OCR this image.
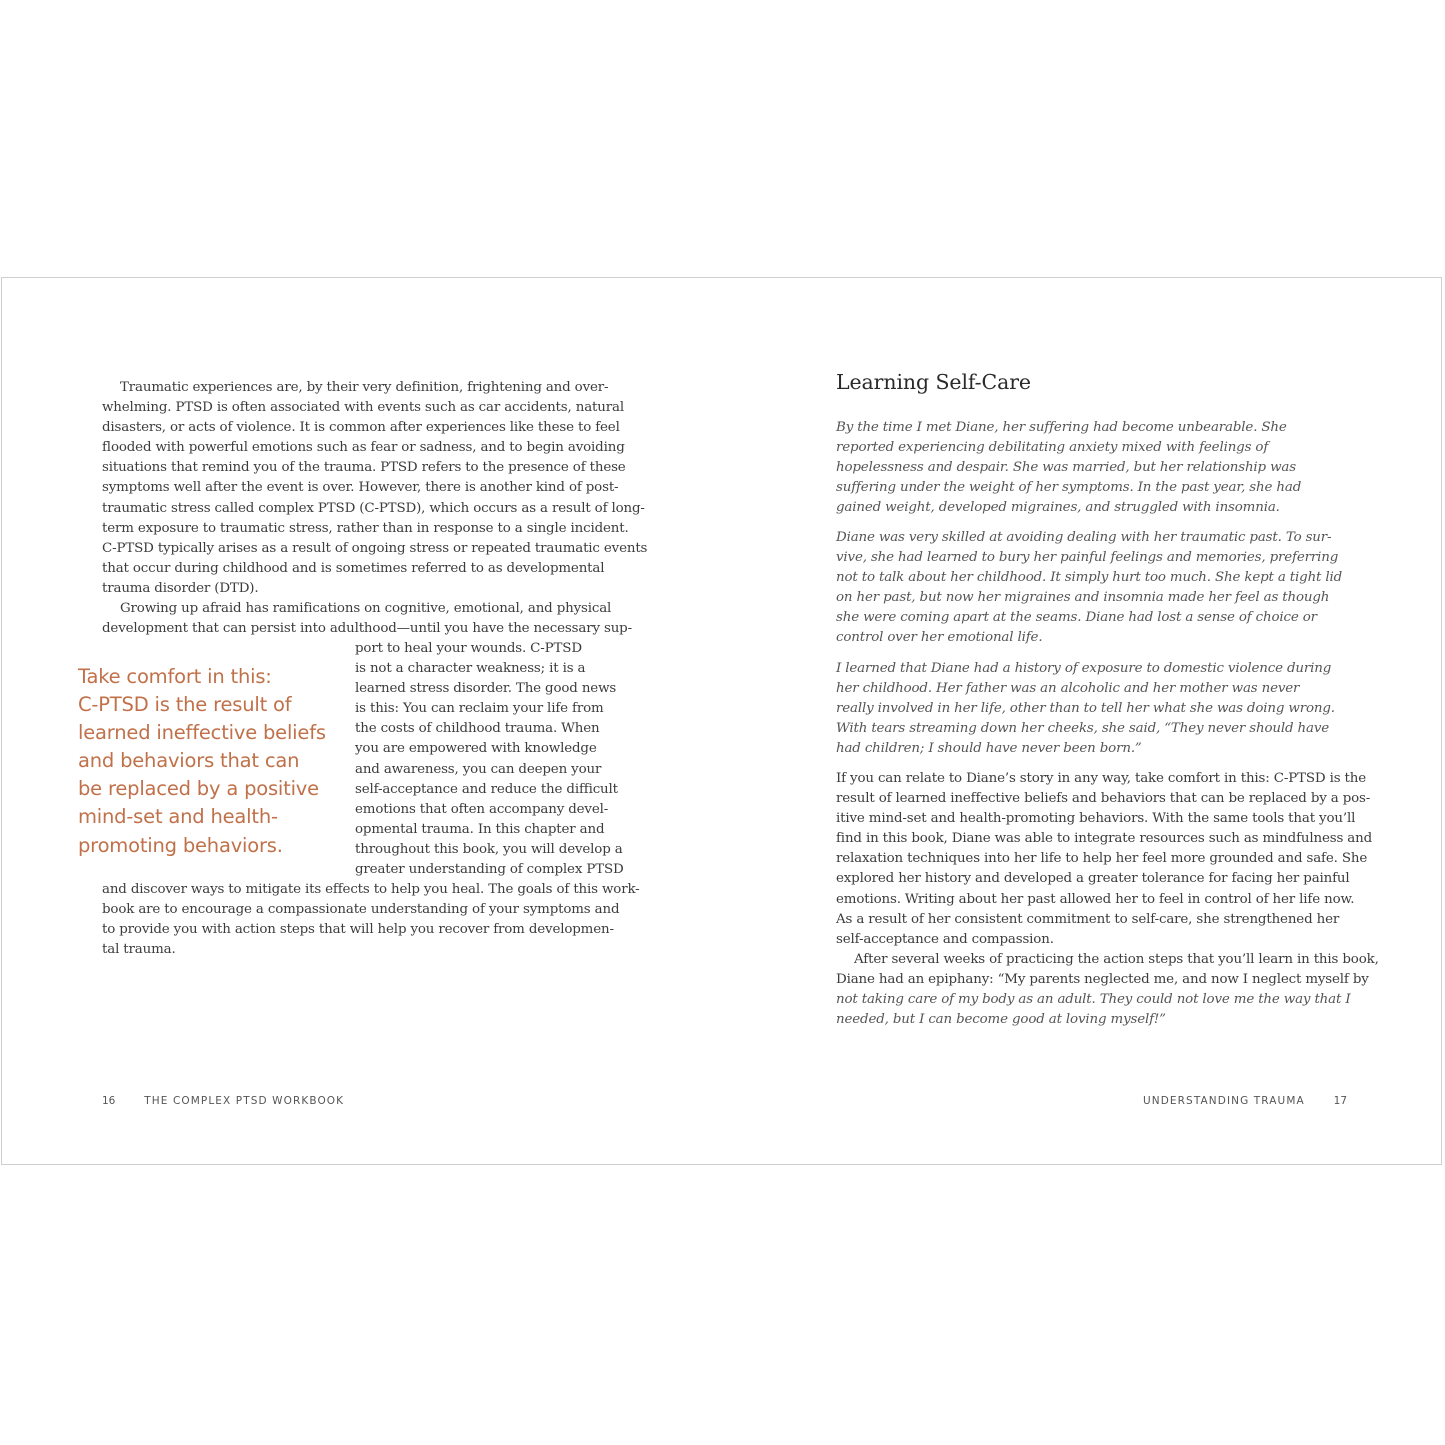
Traumatic experiences are, by their very definition, frightening and over-
whelming. PTSD is often associated with events such as car accidents, natural
disasters, or acts of violence. It is common after experiences like these to feel
flooded with powerful emotions such as fear or sadness, and to begin avoiding
situations that remind you of the trauma. PTSD refers to the presence of these
symptoms well after the event is over. However, there is another kind of post-
traumatic stress called complex PTSD (C-PTSD), which occurs as a result of long-
term exposure to traumatic stress, rather than in response to a single incident.
C-PTSD typically arises as a result of ongoing stress or repeated traumatic events
that occur during childhood and is sometimes referred to as developmental
trauma disorder (DTD).
Growing up afraid has ramifications on cognitive, emotional, and physical
development that can persist into adulthood—until you have the necessary sup-
port to heal your wounds. C-PTSD
is not a character weakness; it is a
learned stress disorder. The good news
is this: You can reclaim your life from
the costs of childhood trauma. When
you are empowered with knowledge
and awareness, you can deepen your
self-acceptance and reduce the difficult
emotions that often accompany devel-
opmental trauma. In this chapter and
throughout this book, you will develop a
greater understanding of complex PTSD
and discover ways to mitigate its effects to help you heal. The goals of this work-
book are to encourage a compassionate understanding of your symptoms and
to provide you with action steps that will help you recover from developmen-
tal trauma.
Take comfort in this:
C-PTSD is the result of
learned ineffective beliefs
and behaviors that can
be replaced by a positive
mind-set and health-
promoting behaviors.
16	THE COMPLEX PTSD WORKBOOK
Learning Self-Care
By the time I met Diane, her suffering had become unbearable. She
reported experiencing debilitating anxiety mixed with feelings of
hopelessness and despair. She was married, but her relationship was
suffering under the weight of her symptoms. In the past year, she had
gained weight, developed migraines, and struggled with insomnia.
Diane was very skilled at avoiding dealing with her traumatic past. To sur-
vive, she had learned to bury her painful feelings and memories, preferring
not to talk about her childhood. It simply hurt too much. She kept a tight lid
on her past, but now her migraines and insomnia made her feel as though
she were coming apart at the seams. Diane had lost a sense of choice or
control over her emotional life.
I learned that Diane had a history of exposure to domestic violence during
her childhood. Her father was an alcoholic and her mother was never
really involved in her life, other than to tell her what she was doing wrong.
With tears streaming down her cheeks, she said, “They never should have
had children; I should have never been born.”
If you can relate to Diane’s story in any way, take comfort in this: C-PTSD is the
result of learned ineffective beliefs and behaviors that can be replaced by a pos-
itive mind-set and health-promoting behaviors. With the same tools that you’ll
find in this book, Diane was able to integrate resources such as mindfulness and
relaxation techniques into her life to help her feel more grounded and safe. She
explored her history and developed a greater tolerance for facing her painful
emotions. Writing about her past allowed her to feel in control of her life now.
As a result of her consistent commitment to self-care, she strengthened her
self-acceptance and compassion.
After several weeks of practicing the action steps that you’ll learn in this book,
Diane had an epiphany: “My parents neglected me, and now I neglect myself by
not taking care of my body as an adult. They could not love me the way that I
needed, but I can become good at loving myself!”
UNDERSTANDING TRAUMA	17
